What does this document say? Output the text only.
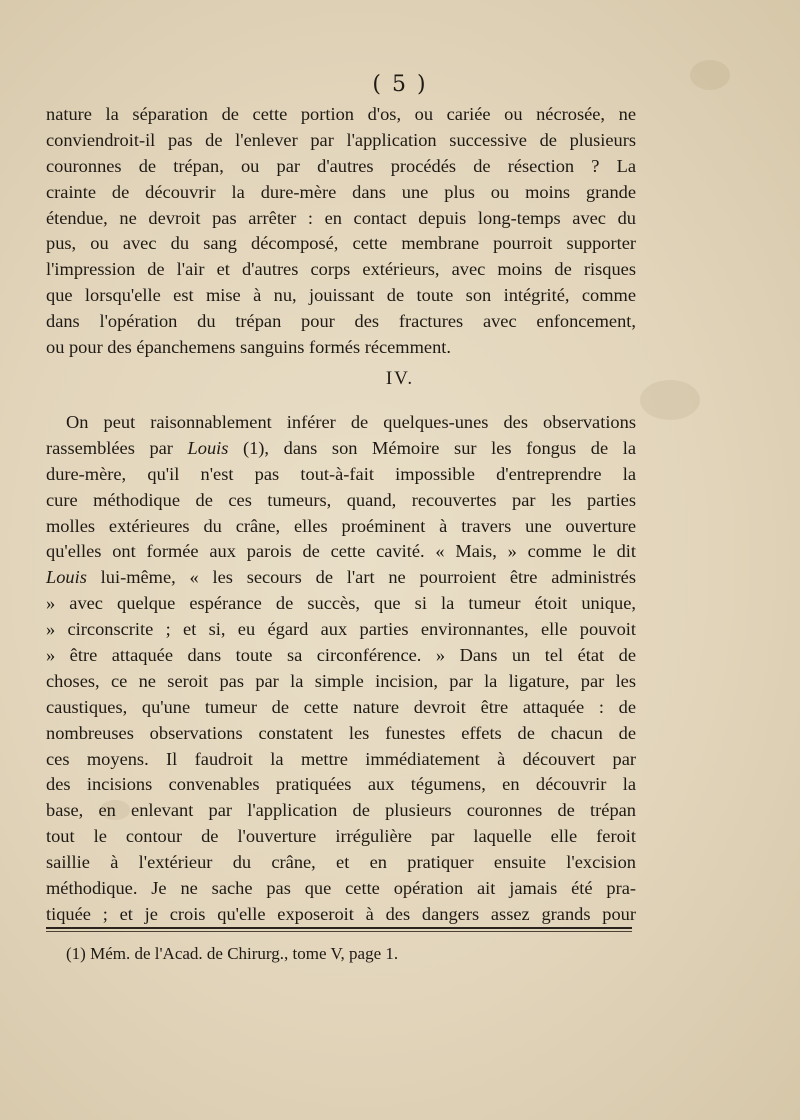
( 5 )
nature la séparation de cette portion d'os, ou cariée ou nécrosée, ne
conviendroit-il pas de l'enlever par l'application successive de plusieurs
couronnes de trépan, ou par d'autres procédés de résection ? La
crainte de découvrir la dure-mère dans une plus ou moins grande
étendue, ne devroit pas arrêter : en contact depuis long-temps avec du
pus, ou avec du sang décomposé, cette membrane pourroit supporter
l'impression de l'air et d'autres corps extérieurs, avec moins de risques
que lorsqu'elle est mise à nu, jouissant de toute son intégrité, comme
dans l'opération du trépan pour des fractures avec enfoncement,
ou pour des épanchemens sanguins formés récemment.
IV.
On peut raisonnablement inférer de quelques-unes des observations
rassemblées par Louis (1), dans son Mémoire sur les fongus de la
dure-mère, qu'il n'est pas tout-à-fait impossible d'entreprendre la
cure méthodique de ces tumeurs, quand, recouvertes par les parties
molles extérieures du crâne, elles proéminent à travers une ouverture
qu'elles ont formée aux parois de cette cavité. « Mais, » comme le dit
Louis lui-même, « les secours de l'art ne pourroient être administrés
» avec quelque espérance de succès, que si la tumeur étoit unique,
» circonscrite ; et si, eu égard aux parties environnantes, elle pouvoit
» être attaquée dans toute sa circonférence. » Dans un tel état de
choses, ce ne seroit pas par la simple incision, par la ligature, par les
caustiques, qu'une tumeur de cette nature devroit être attaquée : de
nombreuses observations constatent les funestes effets de chacun de
ces moyens. Il faudroit la mettre immédiatement à découvert par
des incisions convenables pratiquées aux tégumens, en découvrir la
base, en enlevant par l'application de plusieurs couronnes de trépan
tout le contour de l'ouverture irrégulière par laquelle elle feroit
saillie à l'extérieur du crâne, et en pratiquer ensuite l'excision
méthodique. Je ne sache pas que cette opération ait jamais été pra-
tiquée ; et je crois qu'elle exposeroit à des dangers assez grands pour
(1) Mém. de l'Acad. de Chirurg., tome V, page 1.
